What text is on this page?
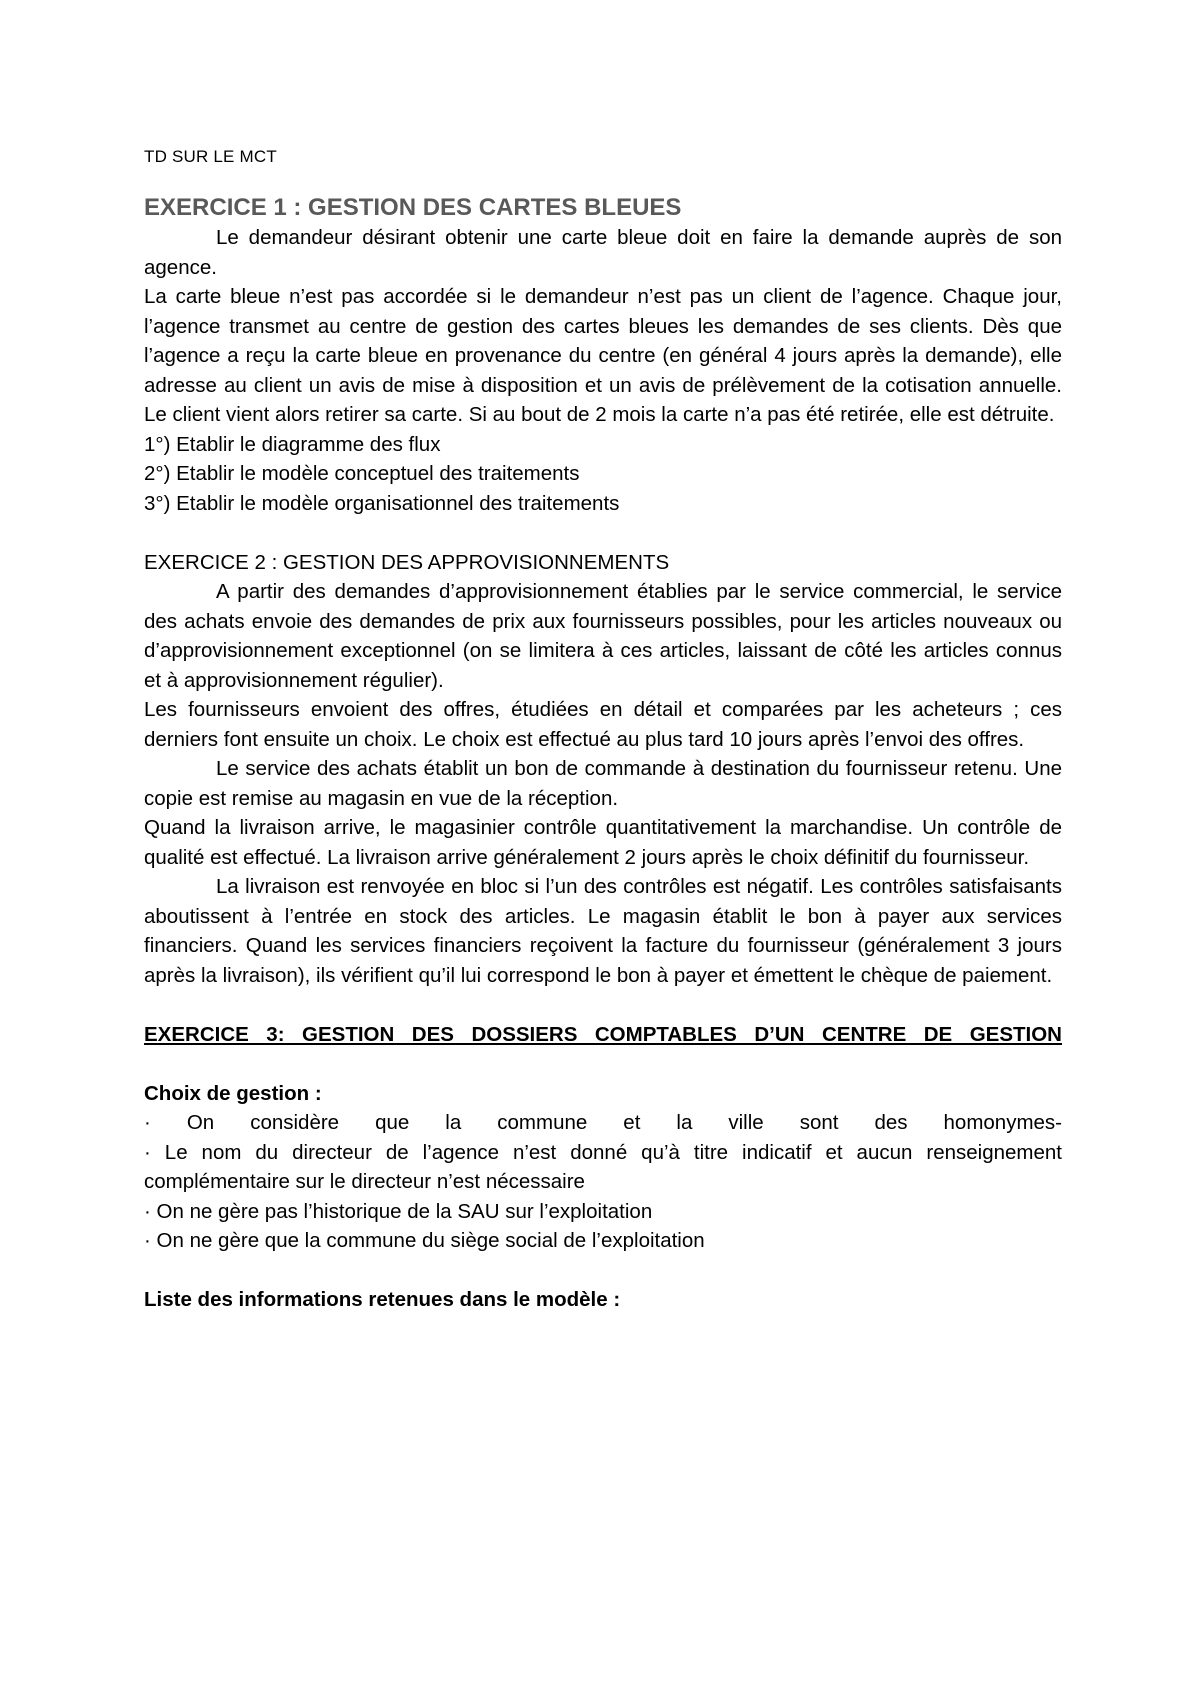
TD SUR LE MCT
EXERCICE 1 : GESTION DES CARTES BLEUES

Le demandeur désirant obtenir une carte bleue doit en faire la demande auprès de son agence.

La carte bleue n’est pas accordée si le demandeur n’est pas un client de l’agence. Chaque jour, l’agence transmet au centre de gestion des cartes bleues les demandes de ses clients. Dès que l’agence a reçu la carte bleue en provenance du centre (en général 4 jours après la demande), elle adresse au client un avis de mise à disposition et un avis de prélèvement de la cotisation annuelle. Le client vient alors retirer sa carte. Si au bout de 2 mois la carte n’a pas été retirée, elle est détruite.

1°) Etablir le diagramme des flux

2°) Etablir le modèle conceptuel des traitements

3°) Etablir le modèle organisationnel des traitements

EXERCICE 2 : GESTION DES APPROVISIONNEMENTS

A partir des demandes d’approvisionnement établies par le service commercial, le service des achats envoie des demandes de prix aux fournisseurs possibles, pour les articles nouveaux ou d’approvisionnement exceptionnel (on se limitera à ces articles, laissant de côté les articles connus et à approvisionnement régulier).

Les fournisseurs envoient des offres, étudiées en détail et comparées par les acheteurs ; ces derniers font ensuite un choix. Le choix est effectué au plus tard 10 jours après l’envoi des offres.

Le service des achats établit un bon de commande à destination du fournisseur retenu. Une copie est remise au magasin en vue de la réception.

Quand la livraison arrive, le magasinier contrôle quantitativement la marchandise. Un contrôle de qualité est effectué. La livraison arrive généralement 2 jours après le choix définitif du fournisseur.

La livraison est renvoyée en bloc si l’un des contrôles est négatif. Les contrôles satisfaisants aboutissent à l’entrée en stock des articles. Le magasin établit le bon à payer aux services financiers. Quand les services financiers reçoivent la facture du fournisseur (généralement 3 jours après la livraison), ils vérifient qu’il lui correspond le bon à payer et émettent le chèque de paiement.

EXERCICE 3: GESTION DES DOSSIERS COMPTABLES D’UN CENTRE DE GESTION

Choix de gestion :

· On considère que la commune et la ville sont des homonymes-

· Le nom du directeur de l’agence n’est donné qu’à titre indicatif et aucun renseignement complémentaire sur le directeur n’est nécessaire

· On ne gère pas l’historique de la SAU sur l’exploitation

· On ne gère que la commune du siège social de l’exploitation

Liste des informations retenues dans le modèle :
